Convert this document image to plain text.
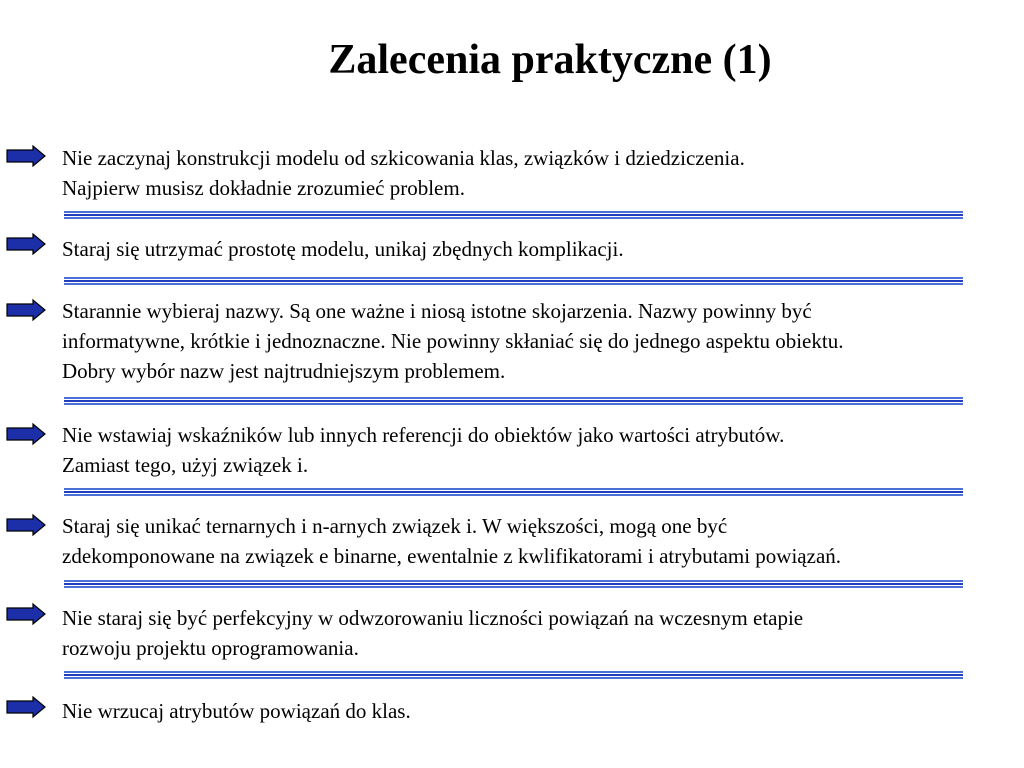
Zalecenia praktyczne (1)
Nie zaczynaj konstrukcji modelu od szkicowania klas, związków i dziedziczenia.
Najpierw musisz dokładnie zrozumieć problem.
Staraj się utrzymać prostotę modelu, unikaj zbędnych komplikacji.
Starannie wybieraj nazwy. Są one ważne i niosą istotne skojarzenia. Nazwy powinny być
informatywne, krótkie i jednoznaczne. Nie powinny skłaniać się do jednego aspektu obiektu.
Dobry wybór nazw jest najtrudniejszym problemem.
Nie wstawiaj wskaźników lub innych referencji do obiektów jako wartości atrybutów.
Zamiast tego, użyj związek i.
Staraj się unikać ternarnych i n-arnych związek i. W większości, mogą one być
zdekomponowane na związek e binarne, ewentalnie z kwlifikatorami i atrybutami powiązań.
Nie staraj się być perfekcyjny w odwzorowaniu liczności powiązań na wczesnym etapie
rozwoju projektu oprogramowania.
Nie wrzucaj atrybutów powiązań do klas.
